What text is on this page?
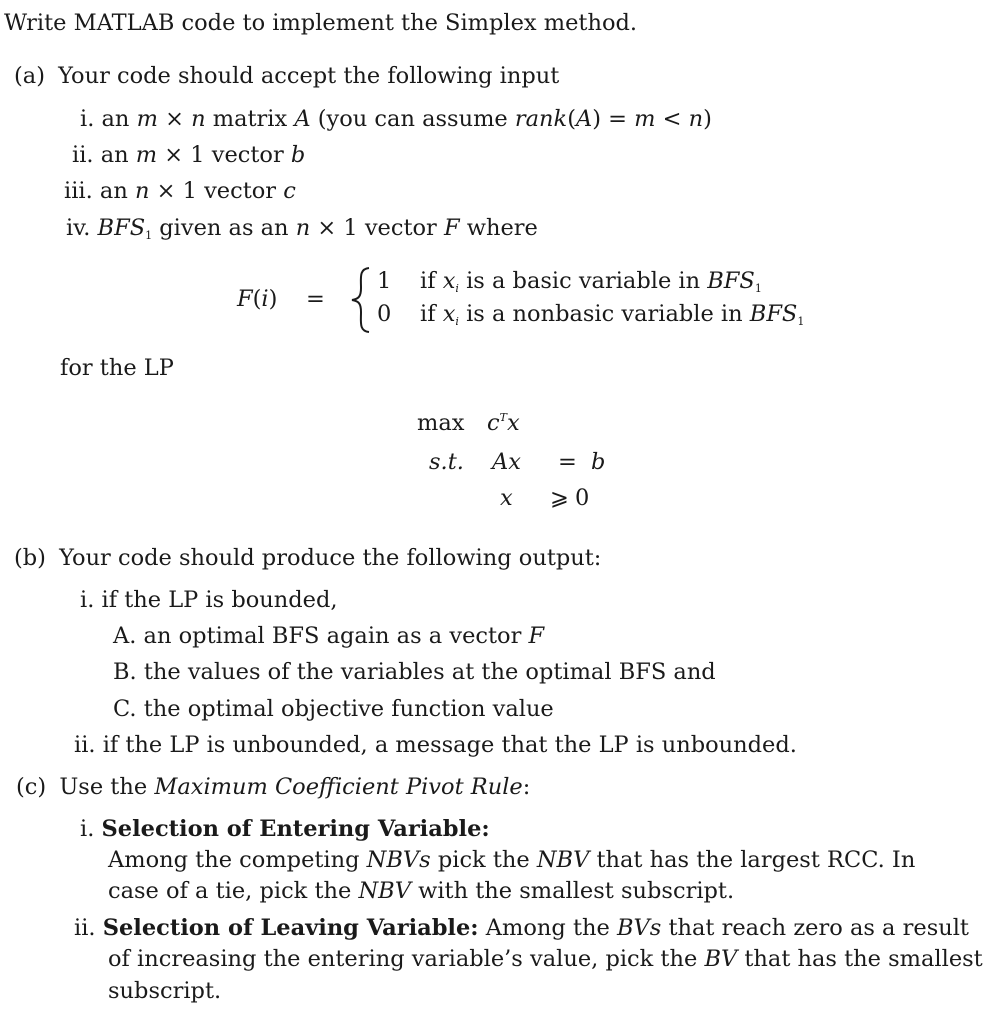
Write MATLAB code to implement the Simplex method.
(a) Your code should accept the following input
i. an m × n matrix A (you can assume rank(A) = m < n)
ii. an m × 1 vector b
iii. an n × 1 vector c
iv. $BFS_1$ given as an n × 1 vector F where
F(i) =
1 if $x_i$ is a basic variable in $BFS_1$
0 if $x_i$ is a nonbasic variable in $BFS_1$
for the LP
$\max c^Tx$
s.t. Ax = b
x ⩾ 0
(b) Your code should produce the following output:
i. if the LP is bounded,
A. an optimal BFS again as a vector F
B. the values of the variables at the optimal BFS and
C. the optimal objective function value
ii. if the LP is unbounded, a message that the LP is unbounded.
(c) Use the Maximum Coefficient Pivot Rule:
i. Selection of Entering Variable:
Among the competing NBVs pick the NBV that has the largest RCC. In
case of a tie, pick the NBV with the smallest subscript.
ii. Selection of Leaving Variable: Among the BVs that reach zero as a result
of increasing the entering variable’s value, pick the BV that has the smallest
subscript.
